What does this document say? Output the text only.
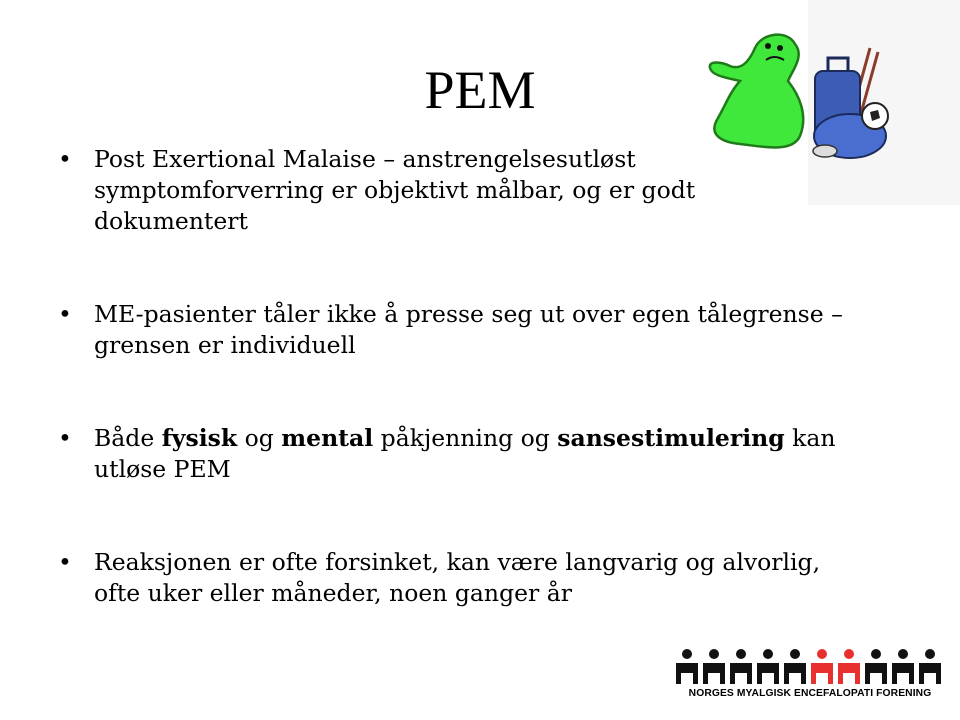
PEM
• Post Exertional Malaise – anstrengelsesutløst symptomforverring er objektivt målbar, og er godt dokumentert
• ME-pasienter tåler ikke å presse seg ut over egen tålegrense – grensen er individuell
• Både fysisk og mental påkjenning og sansestimulering kan utløse PEM
• Reaksjonen er ofte forsinket, kan være langvarig og alvorlig, ofte uker eller måneder, noen ganger år
NORGES MYALGISK ENCEFALOPATI FORENING
